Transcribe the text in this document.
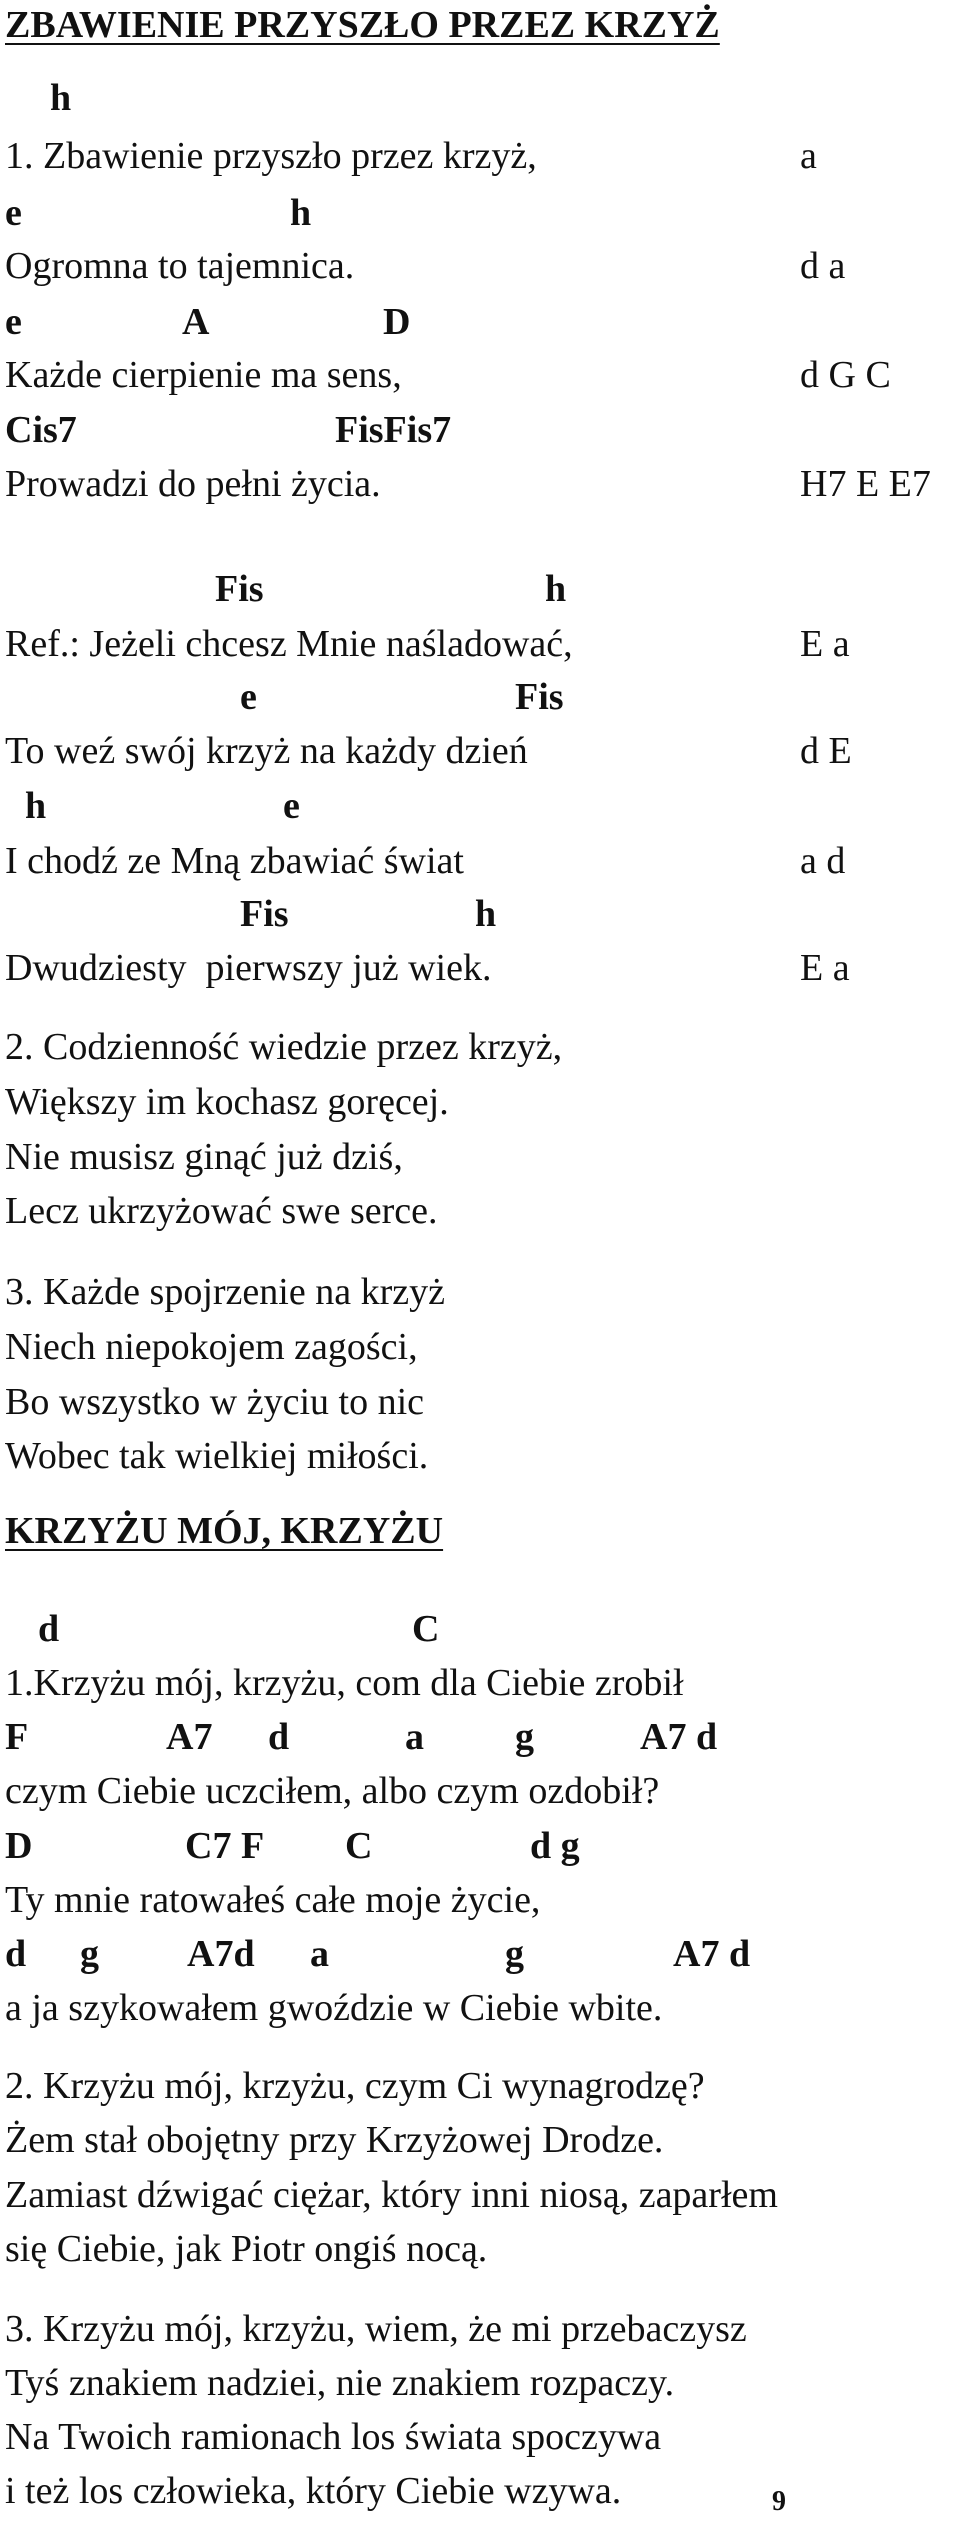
ZBAWIENIE PRZYSZŁO PRZEZ KRZYŻ
h
1. Zbawienie przyszło przez krzyż,	a
e	h
Ogromna to tajemnica.	d a
e	A	D
Każde cierpienie ma sens,	d G C
Cis7	FisFis7
Prowadzi do pełni życia.	H7 E E7
Fis	h
Ref.: Jeżeli chcesz Mnie naśladować,	E a
e	Fis
To weź swój krzyż na każdy dzień	d E
h	e
I chodź ze Mną zbawiać świat	a d
Fis	h
Dwudziesty  pierwszy już wiek.	E a
2. Codzienność wiedzie przez krzyż,
Większy im kochasz goręcej.
Nie musisz ginąć już dziś,
Lecz ukrzyżować swe serce.
3. Każde spojrzenie na krzyż
Niech niepokojem zagości,
Bo wszystko w życiu to nic
Wobec tak wielkiej miłości.
KRZYŻU MÓJ, KRZYŻU
d	C
1.Krzyżu mój, krzyżu, com dla Ciebie zrobił
F	A7 d	a g	A7 d
czym Ciebie uczciłem, albo czym ozdobił?
D	C7 F C	d g
Ty mnie ratowałeś całe moje życie,
d g A7d a	g	A7 d
a ja szykowałem gwoździe w Ciebie wbite.
2. Krzyżu mój, krzyżu, czym Ci wynagrodzę?
Żem stał obojętny przy Krzyżowej Drodze.
Zamiast dźwigać ciężar, który inni niosą, zaparłem
się Ciebie, jak Piotr ongiś nocą.
3. Krzyżu mój, krzyżu, wiem, że mi przebaczysz
Tyś znakiem nadziei, nie znakiem rozpaczy.
Na Twoich ramionach los świata spoczywa
i też los człowieka, który Ciebie wzywa.	9
